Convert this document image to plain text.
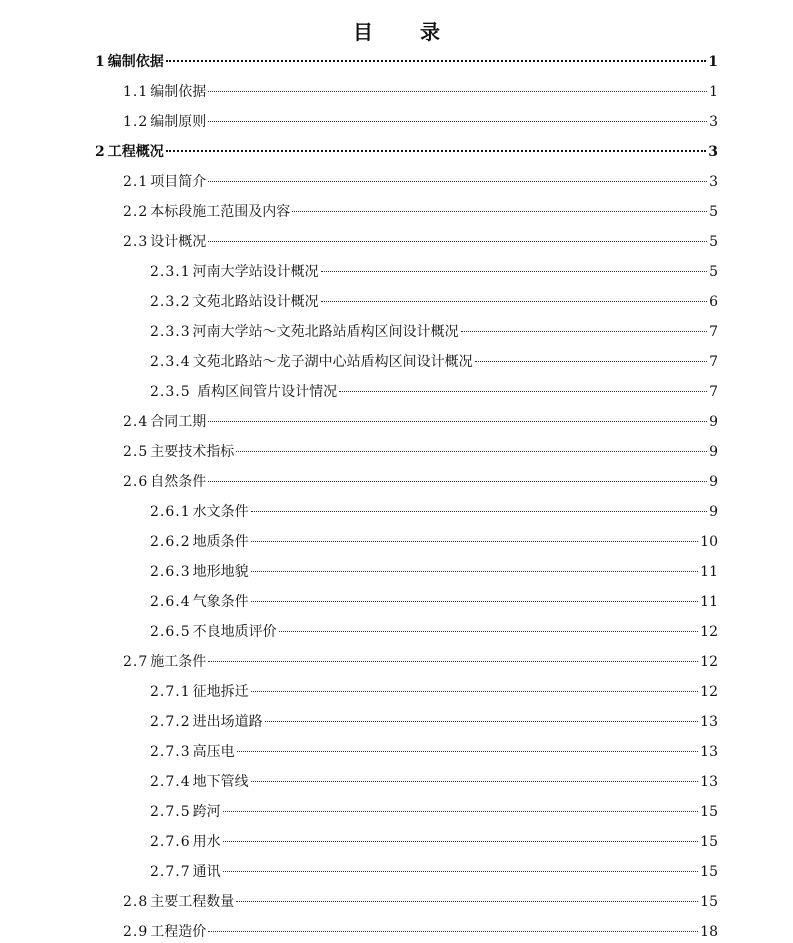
目 录
1 编制依据	1
1.1 编制依据	1
1.2 编制原则	3
2 工程概况	3
2.1 项目简介	3
2.2 本标段施工范围及内容	5
2.3 设计概况	5
2.3.1 河南大学站设计概况	5
2.3.2 文苑北路站设计概况	6
2.3.3 河南大学站～文苑北路站盾构区间设计概况	7
2.3.4 文苑北路站～龙子湖中心站盾构区间设计概况	7
2.3.5 盾构区间管片设计情况	7
2.4 合同工期	9
2.5 主要技术指标	9
2.6 自然条件	9
2.6.1 水文条件	9
2.6.2 地质条件	10
2.6.3 地形地貌	11
2.6.4 气象条件	11
2.6.5 不良地质评价	12
2.7 施工条件	12
2.7.1 征地拆迁	12
2.7.2 进出场道路	13
2.7.3 高压电	13
2.7.4 地下管线	13
2.7.5 跨河	15
2.7.6 用水	15
2.7.7 通讯	15
2.8 主要工程数量	15
2.9 工程造价	18
